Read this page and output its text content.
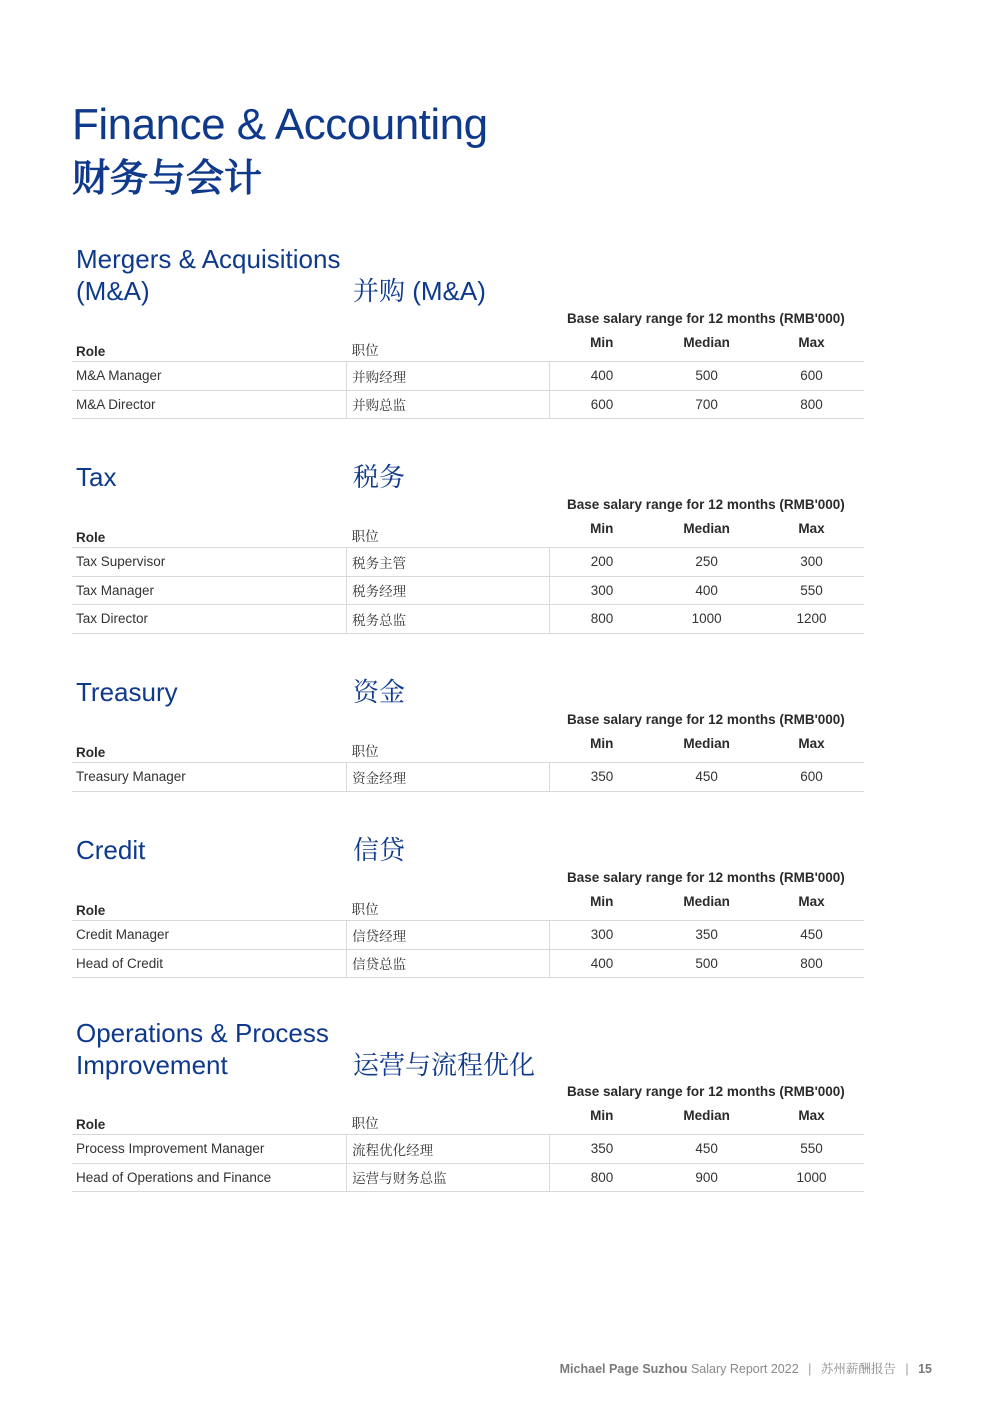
Finance & Accounting
财务与会计
Mergers & Acquisitions
(M&A)	并购 (M&A)
Base salary range for 12 months (RMB'000)
Role	职位	Min	Median	Max
M&A Manager	并购经理	400	500	600
M&A Director	并购总监	600	700	800
Tax	税务
Base salary range for 12 months (RMB'000)
Role	职位	Min	Median	Max
Tax Supervisor	税务主管	200	250	300
Tax Manager	税务经理	300	400	550
Tax Director	税务总监	800	1000	1200
Treasury	资金
Base salary range for 12 months (RMB'000)
Role	职位	Min	Median	Max
Treasury Manager	资金经理	350	450	600
Credit	信贷
Base salary range for 12 months (RMB'000)
Role	职位	Min	Median	Max
Credit Manager	信贷经理	300	350	450
Head of Credit	信贷总监	400	500	800
Operations & Process
Improvement	运营与流程优化
Base salary range for 12 months (RMB'000)
Role	职位	Min	Median	Max
Process Improvement Manager	流程优化经理	350	450	550
Head of Operations and Finance	运营与财务总监	800	900	1000
Michael Page Suzhou Salary Report 2022 | 苏州薪酬报告 | 15
